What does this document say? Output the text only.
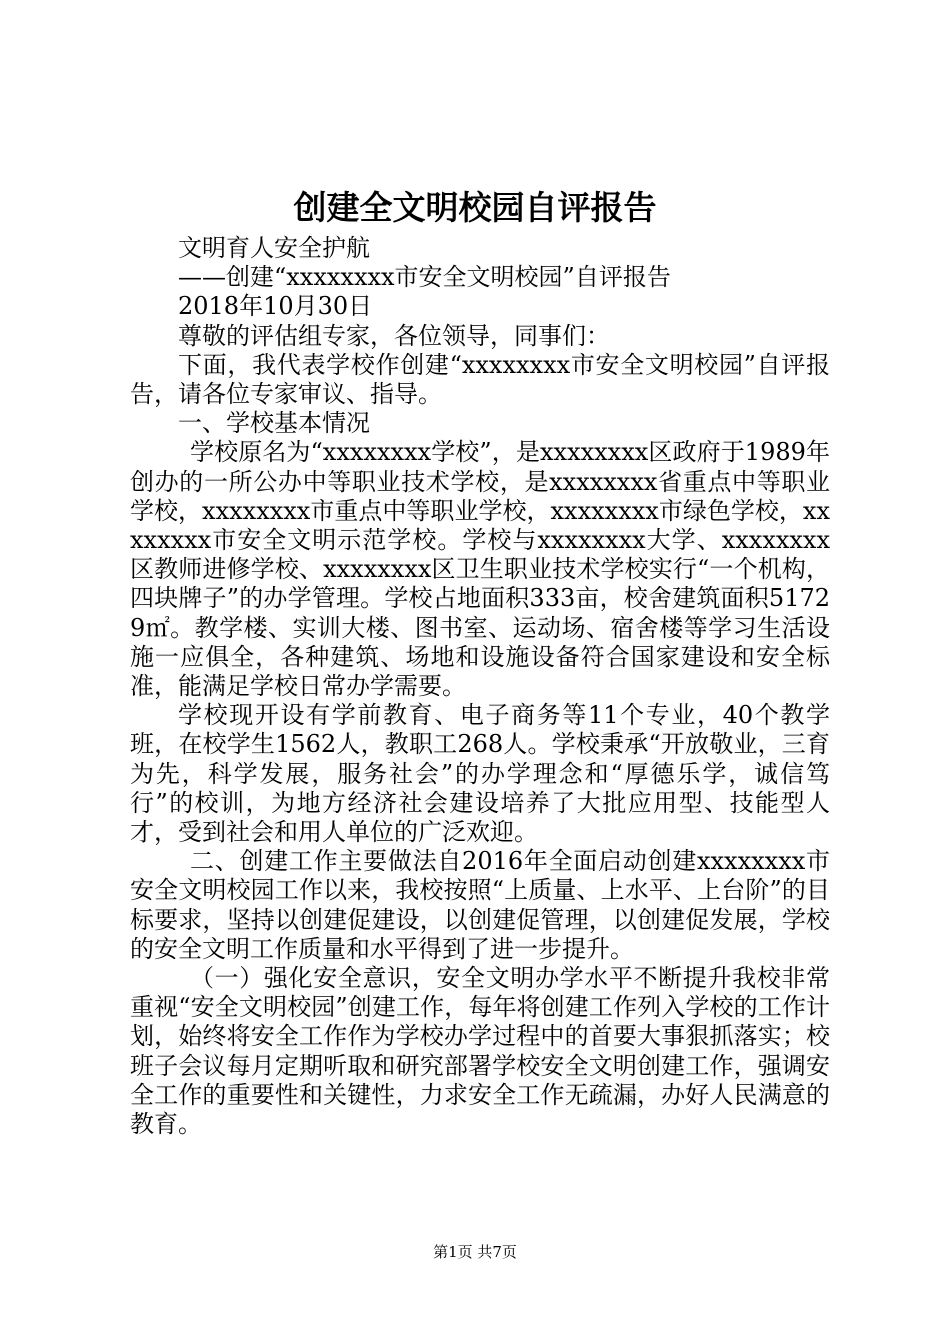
创建全文明校园自评报告

文明育人安全护航

——创建“xxxxxxxx市安全文明校园”自评报告

2018年10月30日

尊敬的评估组专家，各位领导，同事们：

下面，我代表学校作创建“xxxxxxxx市安全文明校园”自评报告，请各位专家审议、指导。

一、学校基本情况

学校原名为“xxxxxxxx学校”，是xxxxxxxx区政府于1989年创办的一所公办中等职业技术学校，是xxxxxxxx省重点中等职业学校，xxxxxxxx市重点中等职业学校，xxxxxxxx市绿色学校，xxxxxxxx市安全文明示范学校。学校与xxxxxxxx大学、xxxxxxxx区教师进修学校、xxxxxxxx区卫生职业技术学校实行“一个机构，四块牌子”的办学管理。学校占地面积333亩，校舍建筑面积51729㎡。教学楼、实训大楼、图书室、运动场、宿舍楼等学习生活设施一应俱全，各种建筑、场地和设施设备符合国家建设和安全标准，能满足学校日常办学需要。

学校现开设有学前教育、电子商务等11个专业，40个教学班，在校学生1562人，教职工268人。学校秉承“开放敬业，三育为先，科学发展，服务社会”的办学理念和“厚德乐学，诚信笃行”的校训，为地方经济社会建设培养了大批应用型、技能型人才，受到社会和用人单位的广泛欢迎。

二、创建工作主要做法自2016年全面启动创建xxxxxxxx市安全文明校园工作以来，我校按照“上质量、上水平、上台阶”的目标要求，坚持以创建促建设，以创建促管理，以创建促发展，学校的安全文明工作质量和水平得到了进一步提升。

（一）强化安全意识，安全文明办学水平不断提升我校非常重视“安全文明校园”创建工作，每年将创建工作列入学校的工作计划，始终将安全工作作为学校办学过程中的首要大事狠抓落实；校班子会议每月定期听取和研究部署学校安全文明创建工作，强调安全工作的重要性和关键性，力求安全工作无疏漏，办好人民满意的教育。

第1页 共7页
